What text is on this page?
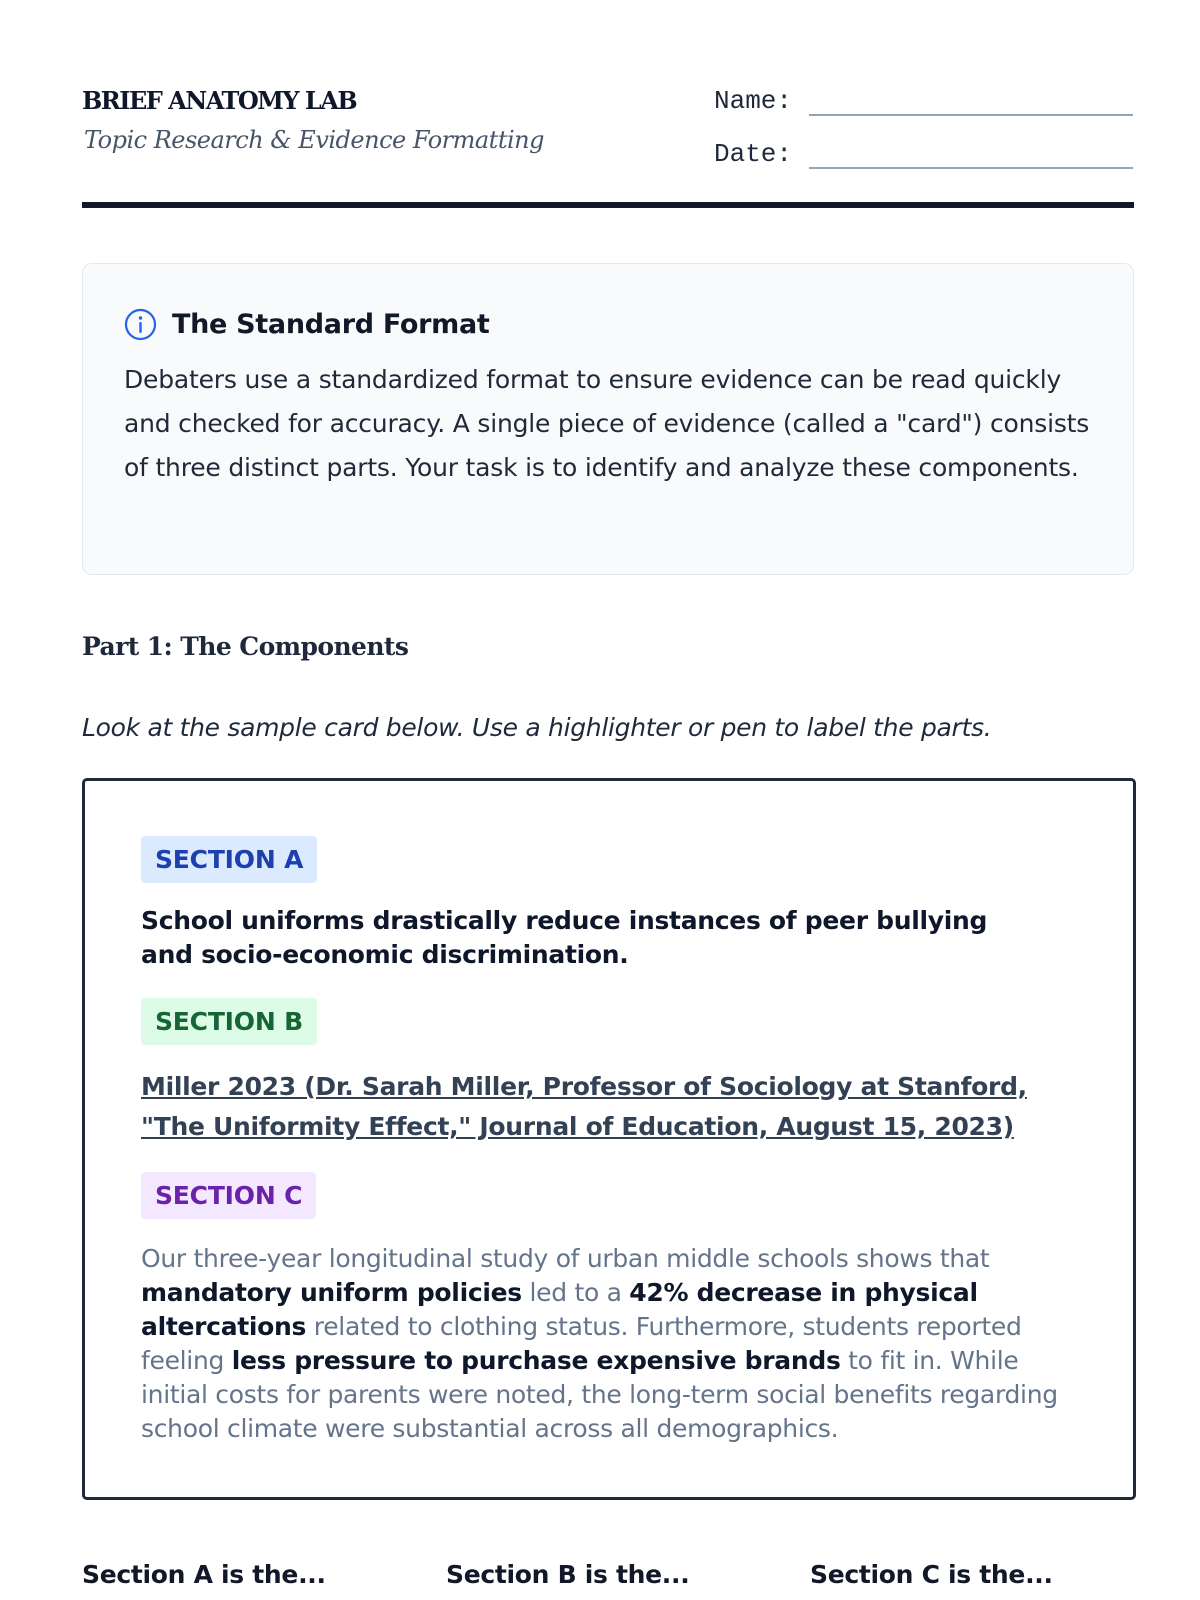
BRIEF ANATOMY LAB
Topic Research & Evidence Formatting
Name:
Date:
The Standard Format
Debaters use a standardized format to ensure evidence can be read quickly and checked for accuracy. A single piece of evidence (called a "card") consists of three distinct parts. Your task is to identify and analyze these components.
Part 1: The Components
Look at the sample card below. Use a highlighter or pen to label the parts.
SECTION A
School uniforms drastically reduce instances of peer bullying and socio-economic discrimination.
SECTION B
Miller 2023 (Dr. Sarah Miller, Professor of Sociology at Stanford, "The Uniformity Effect," Journal of Education, August 15, 2023)
SECTION C
Our three-year longitudinal study of urban middle schools shows that mandatory uniform policies led to a 42% decrease in physical altercations related to clothing status. Furthermore, students reported feeling less pressure to purchase expensive brands to fit in. While initial costs for parents were noted, the long-term social benefits regarding school climate were substantial across all demographics.
Section A is the...	Section B is the...	Section C is the...
